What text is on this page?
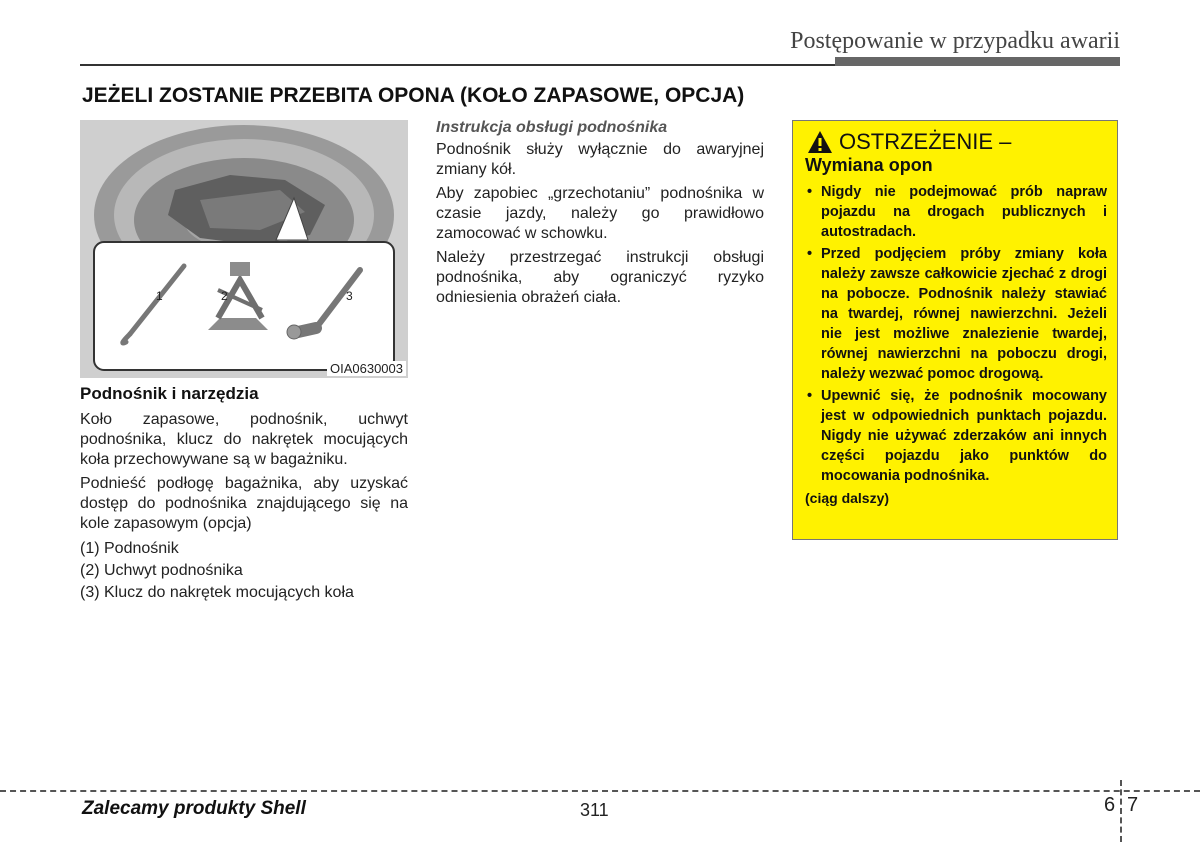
Postępowanie w przypadku awarii
JEŻELI ZOSTANIE PRZEBITA OPONA (KOŁO ZAPASOWE, OPCJA)
1	2	3
OIA0630003
Podnośnik i narzędzia

Koło zapasowe, podnośnik, uchwyt podnośnika, klucz do nakrętek mocujących koła przechowywane są w bagażniku.

Podnieść podłogę bagażnika, aby uzyskać dostęp do podnośnika znajdującego się na kole zapasowym (opcja)

(1) Podnośnik

(2) Uchwyt podnośnika

(3) Klucz do nakrętek mocujących koła

Instrukcja obsługi podnośnika

Podnośnik służy wyłącznie do awaryjnej zmiany kół.

Aby zapobiec „grzechotaniu” podnośnika w czasie jazdy, należy go prawidłowo zamocować w schowku.

Należy przestrzegać instrukcji obsługi podnośnika, aby ograniczyć ryzyko odniesienia obrażeń ciała.

OSTRZEŻENIE –
Wymiana opon
• Nigdy nie podejmować prób napraw pojazdu na drogach publicznych i autostradach.
• Przed podjęciem próby zmiany koła należy zawsze całkowicie zjechać z drogi na pobocze. Podnośnik należy stawiać na twardej, równej nawierzchni. Jeżeli nie jest możliwe znalezienie twardej, równej nawierzchni na poboczu drogi, należy wezwać pomoc drogową.
• Upewnić się, że podnośnik mocowany jest w odpowiednich punktach pojazdu. Nigdy nie używać zderzaków ani innych części pojazdu jako punktów do mocowania podnośnika.
(ciąg dalszy)
Zalecamy produkty Shell	311	6 7
